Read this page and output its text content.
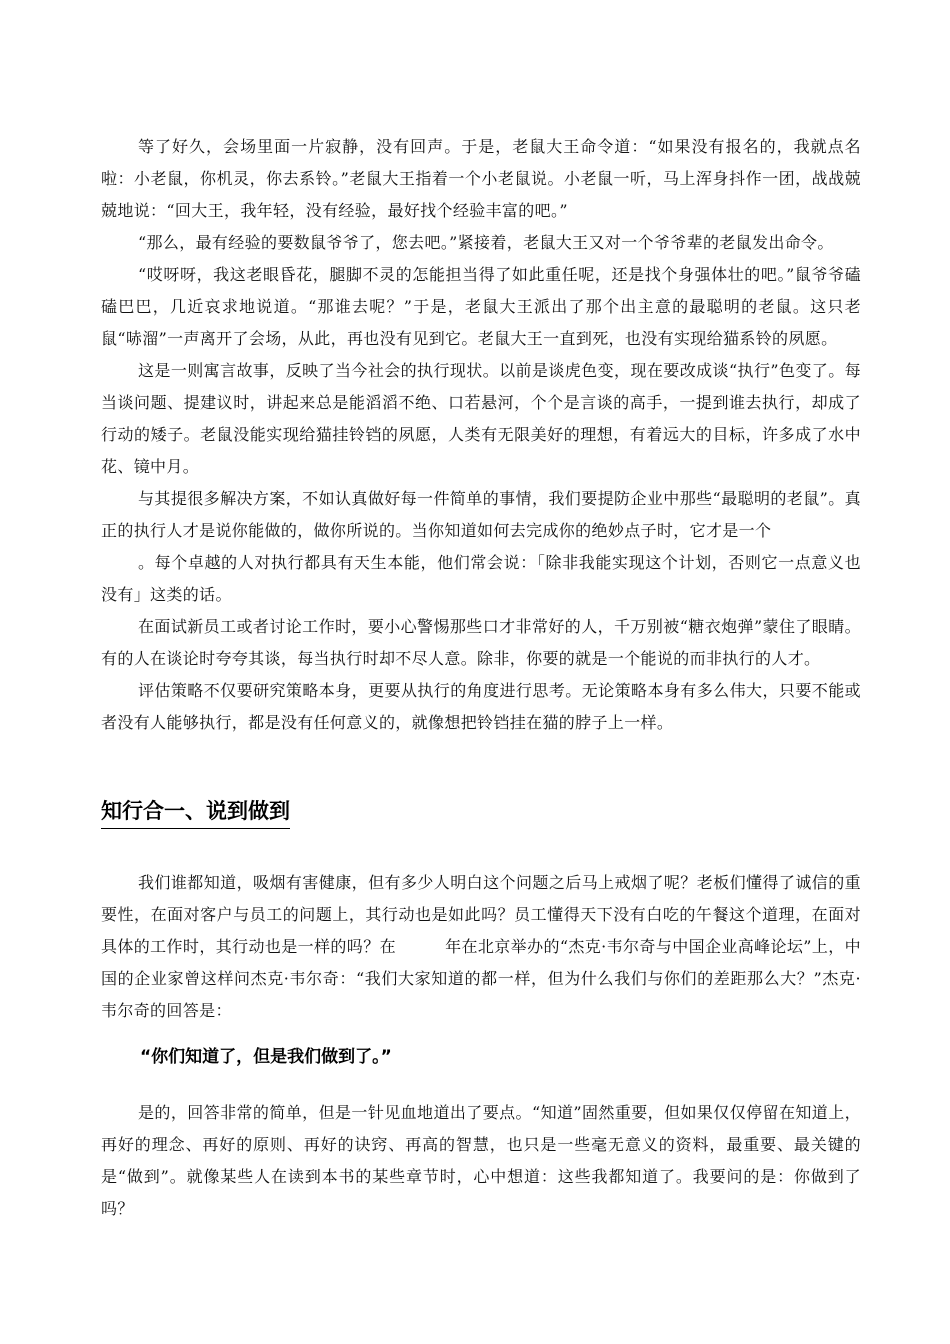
等了好久，会场里面一片寂静，没有回声。于是，老鼠大王命令道：“如果没有报名的，我就点名啦：小老鼠，你机灵，你去系铃。”老鼠大王指着一个小老鼠说。小老鼠一听，马上浑身抖作一团，战战兢兢地说：“回大王，我年轻，没有经验，最好找个经验丰富的吧。”

“那么，最有经验的要数鼠爷爷了，您去吧。”紧接着，老鼠大王又对一个爷爷辈的老鼠发出命令。

“哎呀呀，我这老眼昏花，腿脚不灵的怎能担当得了如此重任呢，还是找个身强体壮的吧。”鼠爷爷磕磕巴巴，几近哀求地说道。“那谁去呢？”于是，老鼠大王派出了那个出主意的最聪明的老鼠。这只老鼠“哧溜”一声离开了会场，从此，再也没有见到它。老鼠大王一直到死，也没有实现给猫系铃的夙愿。

这是一则寓言故事，反映了当今社会的执行现状。以前是谈虎色变，现在要改成谈“执行”色变了。每当谈问题、提建议时，讲起来总是能滔滔不绝、口若悬河，个个是言谈的高手，一提到谁去执行，却成了行动的矮子。老鼠没能实现给猫挂铃铛的夙愿，人类有无限美好的理想，有着远大的目标，许多成了水中花、镜中月。

与其提很多解决方案，不如认真做好每一件简单的事情，我们要提防企业中那些“最聪明的老鼠”。真正的执行人才是说你能做的，做你所说的。当你知道如何去完成你的绝妙点子时，它才是一个

。每个卓越的人对执行都具有天生本能，他们常会说：「除非我能实现这个计划，否则它一点意义也没有」这类的话。

在面试新员工或者讨论工作时，要小心警惕那些口才非常好的人，千万别被“糖衣炮弹”蒙住了眼睛。有的人在谈论时夸夸其谈，每当执行时却不尽人意。除非，你要的就是一个能说的而非执行的人才。

评估策略不仅要研究策略本身，更要从执行的角度进行思考。无论策略本身有多么伟大，只要不能或者没有人能够执行，都是没有任何意义的，就像想把铃铛挂在猫的脖子上一样。

知行合一、说到做到

我们谁都知道，吸烟有害健康，但有多少人明白这个问题之后马上戒烟了呢？老板们懂得了诚信的重要性，在面对客户与员工的问题上，其行动也是如此吗？员工懂得天下没有白吃的午餐这个道理，在面对具体的工作时，其行动也是一样的吗？在　　　年在北京举办的“杰克·韦尔奇与中国企业高峰论坛”上，中国的企业家曾这样问杰克·韦尔奇：“我们大家知道的都一样，但为什么我们与你们的差距那么大？”杰克·韦尔奇的回答是：

“你们知道了，但是我们做到了。”

是的，回答非常的简单，但是一针见血地道出了要点。“知道”固然重要，但如果仅仅停留在知道上，再好的理念、再好的原则、再好的诀窍、再高的智慧，也只是一些毫无意义的资料，最重要、最关键的是“做到”。就像某些人在读到本书的某些章节时，心中想道：这些我都知道了。我要问的是：你做到了吗？
